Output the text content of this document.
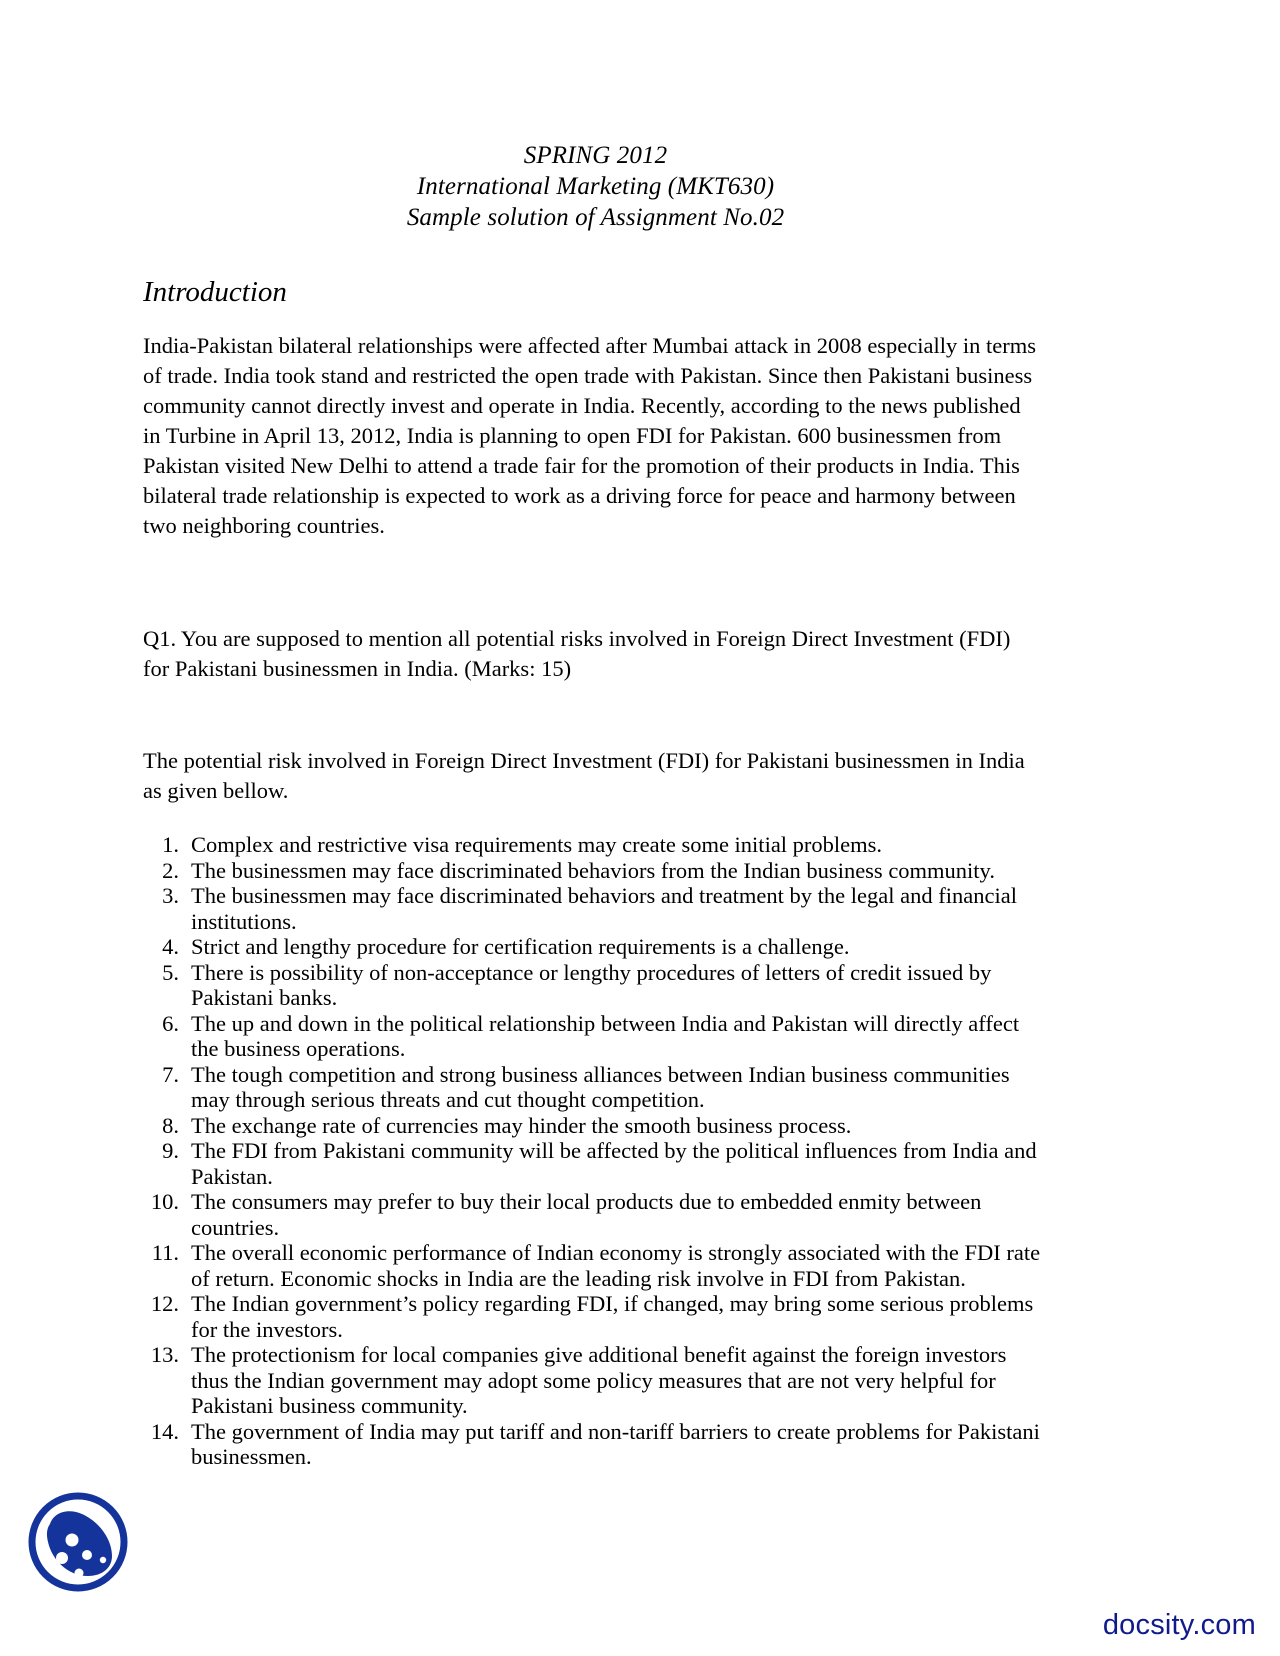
SPRING 2012
International Marketing (MKT630)
Sample solution of Assignment No.02
Introduction

India-Pakistan bilateral relationships were affected after Mumbai attack in 2008 especially in terms of trade. India took stand and restricted the open trade with Pakistan. Since then Pakistani business community cannot directly invest and operate in India. Recently, according to the news published in Turbine in April 13, 2012, India is planning to open FDI for Pakistan. 600 businessmen from Pakistan visited New Delhi to attend a trade fair for the promotion of their products in India. This bilateral trade relationship is expected to work as a driving force for peace and harmony between two neighboring countries.

Q1. You are supposed to mention all potential risks involved in Foreign Direct Investment (FDI) for Pakistani businessmen in India. (Marks: 15)

The potential risk involved in Foreign Direct Investment (FDI) for Pakistani businessmen in India as given bellow.

1. Complex and restrictive visa requirements may create some initial problems.
2. The businessmen may face discriminated behaviors from the Indian business community.
3. The businessmen may face discriminated behaviors and treatment by the legal and financial institutions.
4. Strict and lengthy procedure for certification requirements is a challenge.
5. There is possibility of non-acceptance or lengthy procedures of letters of credit issued by Pakistani banks.
6. The up and down in the political relationship between India and Pakistan will directly affect the business operations.
7. The tough competition and strong business alliances between Indian business communities may through serious threats and cut thought competition.
8. The exchange rate of currencies may hinder the smooth business process.
9. The FDI from Pakistani community will be affected by the political influences from India and Pakistan.
10. The consumers may prefer to buy their local products due to embedded enmity between countries.
11. The overall economic performance of Indian economy is strongly associated with the FDI rate of return. Economic shocks in India are the leading risk involve in FDI from Pakistan.
12. The Indian government’s policy regarding FDI, if changed, may bring some serious problems for the investors.
13. The protectionism for local companies give additional benefit against the foreign investors thus the Indian government may adopt some policy measures that are not very helpful for Pakistani business community.
14. The government of India may put tariff and non-tariff barriers to create problems for Pakistani businessmen.
docsity.com
